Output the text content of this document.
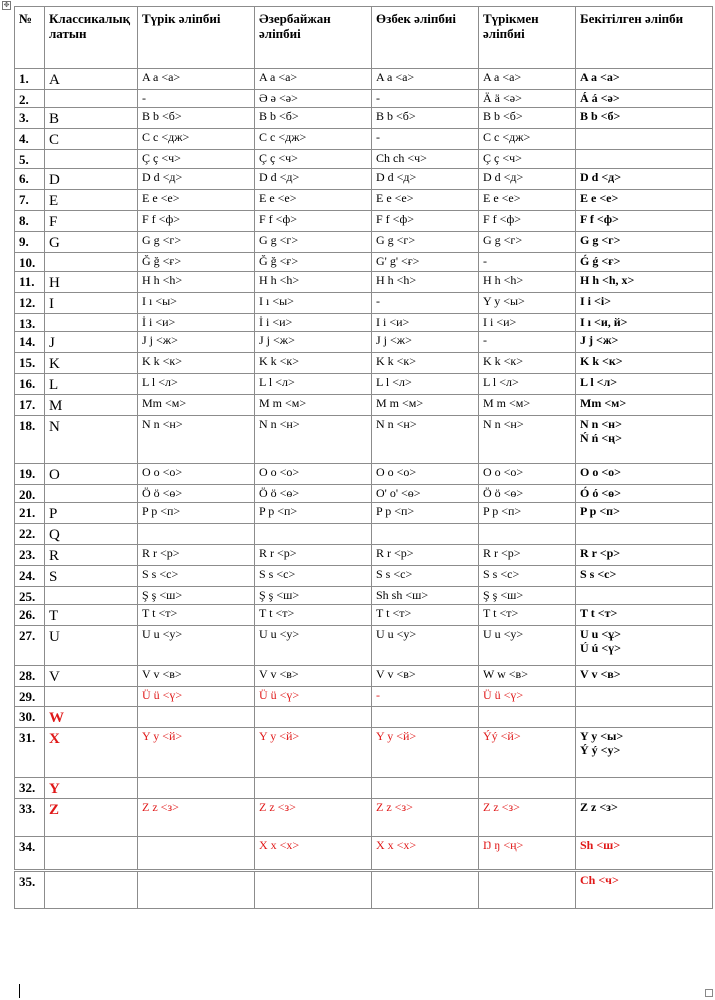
✥
№	Классикалық латын	Түрік әліпбиі	Әзербайжан әліпбиі	Өзбек әліпбиі	Түрікмен әліпбиі	Бекітілген әліпби
1.	A	A a <a>	A a <a>	A a <a>	A a <a>	A a <a>
2.		-	Ə ə <ə>	-	Ä ä <ə>	Á á <ə>
3.	B	B b <б>	B b <б>	B b <б>	B b <б>	B b <б>
4.	C	C c <дж>	C c <дж>	-	C c <дж>	
5.		Ç ç <ч>	Ç ç <ч>	Ch ch <ч>	Ç ç <ч>	
6.	D	D d <д>	D d <д>	D d <д>	D d <д>	D d <д>
7.	E	E e <е>	E e <е>	E e <е>	E e <е>	E e <е>
8.	F	F f <ф>	F f <ф>	F f <ф>	F f <ф>	F f <ф>
9.	G	G g <г>	G g <г>	G g <г>	G g <г>	G g <г>
10.		Ğ ğ <ғ>	Ğ ğ <ғ>	G' g' <ғ>	-	Ǵ ǵ <ғ>
11.	H	H h <h>	H h <h>	H h <h>	H h <h>	H h <h, х>
12.	I	I ı <ы>	I ı <ы>	-	Y y <ы>	I i <i>
13.		İ i <и>	İ i <и>	I i <и>	I i <и>	I ı <и, й>
14.	J	J j <ж>	J j <ж>	J j <ж>	-	J j <ж>
15.	K	K k <к>	K k <к>	K k <к>	K k <к>	K k <к>
16.	L	L l <л>	L l <л>	L l <л>	L l <л>	L l <л>
17.	M	Mm <м>	M m <м>	M m <м>	M m <м>	Mm <м>
18.	N	N n <н>	N n <н>	N n <н>	N n <н>	N n <н>
Ń ń <ң>
19.	O	O o <o>	O o <o>	O o <o>	O o <o>	O o <o>
20.		Ö ö <ө>	Ö ö <ө>	O' o' <ө>	Ö ö <ө>	Ó ó <ө>
21.	P	P p <п>	P p <п>	P p <п>	P p <п>	P p <п>
22.	Q					
23.	R	R r <р>	R r <р>	R r <р>	R r <р>	R r <р>
24.	S	S s <с>	S s <с>	S s <с>	S s <с>	S s <с>
25.		Ş ş <ш>	Ş ş <ш>	Sh sh <ш>	Ş ş <ш>	
26.	T	T t <т>	T t <т>	T t <т>	T t <т>	T t <т>
27.	U	U u <у>	U u <у>	U u <у>	U u <у>	U u <ұ>
Ú ú <ү>
28.	V	V v <в>	V v <в>	V v <в>	W w <в>	V v <в>
29.		Ü ü <ү>	Ü ü <ү>	-	Ü ü <ү>	
30.	W					
31.	X	Y y <й>	Y y <й>	Y y <й>	Ýý <й>	Y y <ы>
Ý ý <у>
32.	Y					
33.	Z	Z z <з>	Z z <з>	Z z <з>	Z z <з>	Z z <з>
34.			X x <х>	X x <х>	Ŋ ŋ <ң>	Sh <ш>
35.						Ch <ч>
